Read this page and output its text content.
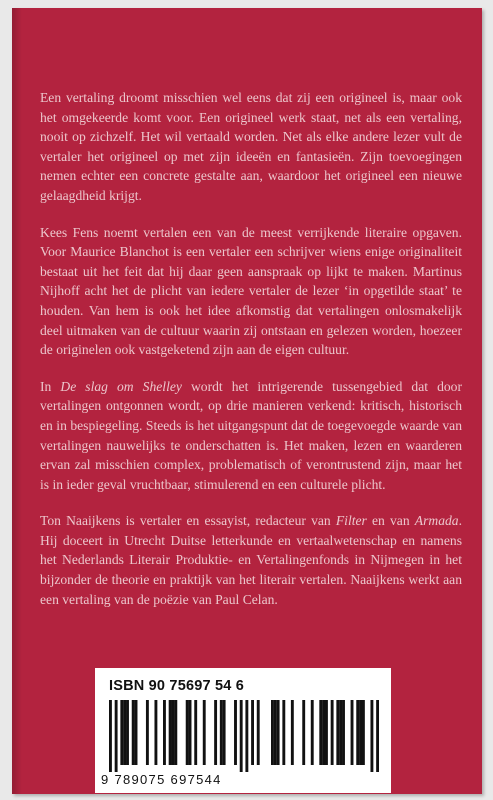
Een vertaling droomt misschien wel eens dat zij een origineel is, maar ook het omgekeerde komt voor. Een origineel werk staat, net als een vertaling, nooit op zichzelf. Het wil vertaald worden. Net als elke andere lezer vult de vertaler het origineel op met zijn ideeën en fantasieën. Zijn toevoegingen nemen echter een concrete gestalte aan, waardoor het origineel een nieuwe gelaagdheid krijgt.

Kees Fens noemt vertalen een van de meest verrijkende literaire opgaven. Voor Maurice Blanchot is een vertaler een schrijver wiens enige originaliteit bestaat uit het feit dat hij daar geen aanspraak op lijkt te maken. Martinus Nijhoff acht het de plicht van iedere vertaler de lezer ‘in opgetilde staat’ te houden. Van hem is ook het idee afkomstig dat vertalingen onlosmakelijk deel uitmaken van de cultuur waarin zij ontstaan en gelezen worden, hoezeer de originelen ook vastgeketend zijn aan de eigen cultuur.

In De slag om Shelley wordt het intrigerende tussengebied dat door vertalingen ontgonnen wordt, op drie manieren verkend: kritisch, historisch en in bespiegeling. Steeds is het uitgangspunt dat de toegevoegde waarde van vertalingen nauwelijks te onderschatten is. Het maken, lezen en waarderen ervan zal misschien complex, problematisch of verontrustend zijn, maar het is in ieder geval vruchtbaar, stimulerend en een culturele plicht.

Ton Naaijkens is vertaler en essayist, redacteur van Filter en van Armada. Hij doceert in Utrecht Duitse letterkunde en vertaalwetenschap en namens het Nederlands Literair Produktie- en Vertalingenfonds in Nijmegen in het bijzonder de theorie en praktijk van het literair vertalen. Naaijkens werkt aan een vertaling van de poëzie van Paul Celan.

ISBN 90 75697 54 6
9 789075 697544
